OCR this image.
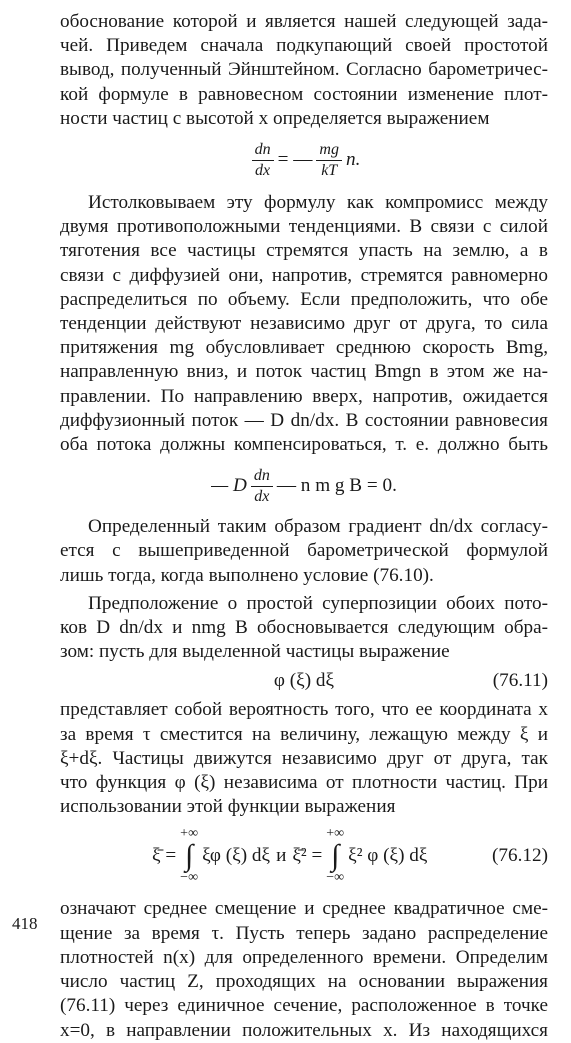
обоснование которой и является нашей следующей зада-

чей. Приведем сначала подкупающий своей простотой

вывод, полученный Эйнштейном. Согласно барометричес-

кой формуле в равновесном состоянии изменение плот-

ности частиц с высотой x определяется выражением

$\frac{dn}{dx}$ = — $\frac{mg}{kT} n$.

Истолковываем эту формулу как компромисс между

двумя противоположными тенденциями. В связи с силой

тяготения все частицы стремятся упасть на землю, а в

связи с диффузией они, напротив, стремятся равномерно

распределиться по объему. Если предположить, что обе

тенденции действуют независимо друг от друга, то сила

притяжения mg обусловливает среднюю скорость Bmg,

направленную вниз, и поток частиц Bmgn в этом же на-

правлении. По направлению вверх, напротив, ожидается

диффузионный поток — D dn/dx. В состоянии равновесия

оба потока должны компенсироваться, т. е. должно быть

— D $\frac{dn}{dx}$ — n m g B = 0.

Определенный таким образом градиент dn/dx согласу-

ется с вышеприведенной барометрической формулой

лишь тогда, когда выполнено условие (76.10).

Предположение о простой суперпозиции обоих пото-

ков D dn/dx и nmg B обосновывается следующим обра-

зом: пусть для выделенной частицы выражение

φ (ξ) dξ	(76.11)

представляет собой вероятность того, что ее координата x

за время τ сместится на величину, лежащую между ξ и

ξ+dξ. Частицы движутся независимо друг от друга, так

что функция φ (ξ) независима от плотности частиц. При

использовании этой функции выражения

ξ̄ =
+∞
∫
−∞
ξφ (ξ) dξ и ξ̄² =
+∞
∫
−∞
ξ² φ (ξ) dξ	(76.12)

означают среднее смещение и среднее квадратичное сме-

щение за время τ. Пусть теперь задано распределение

плотностей n(x) для определенного времени. Определим

число частиц Z, проходящих на основании выражения

(76.11) через единичное сечение, расположенное в точке

x=0, в направлении положительных x. Из находящихся

418
